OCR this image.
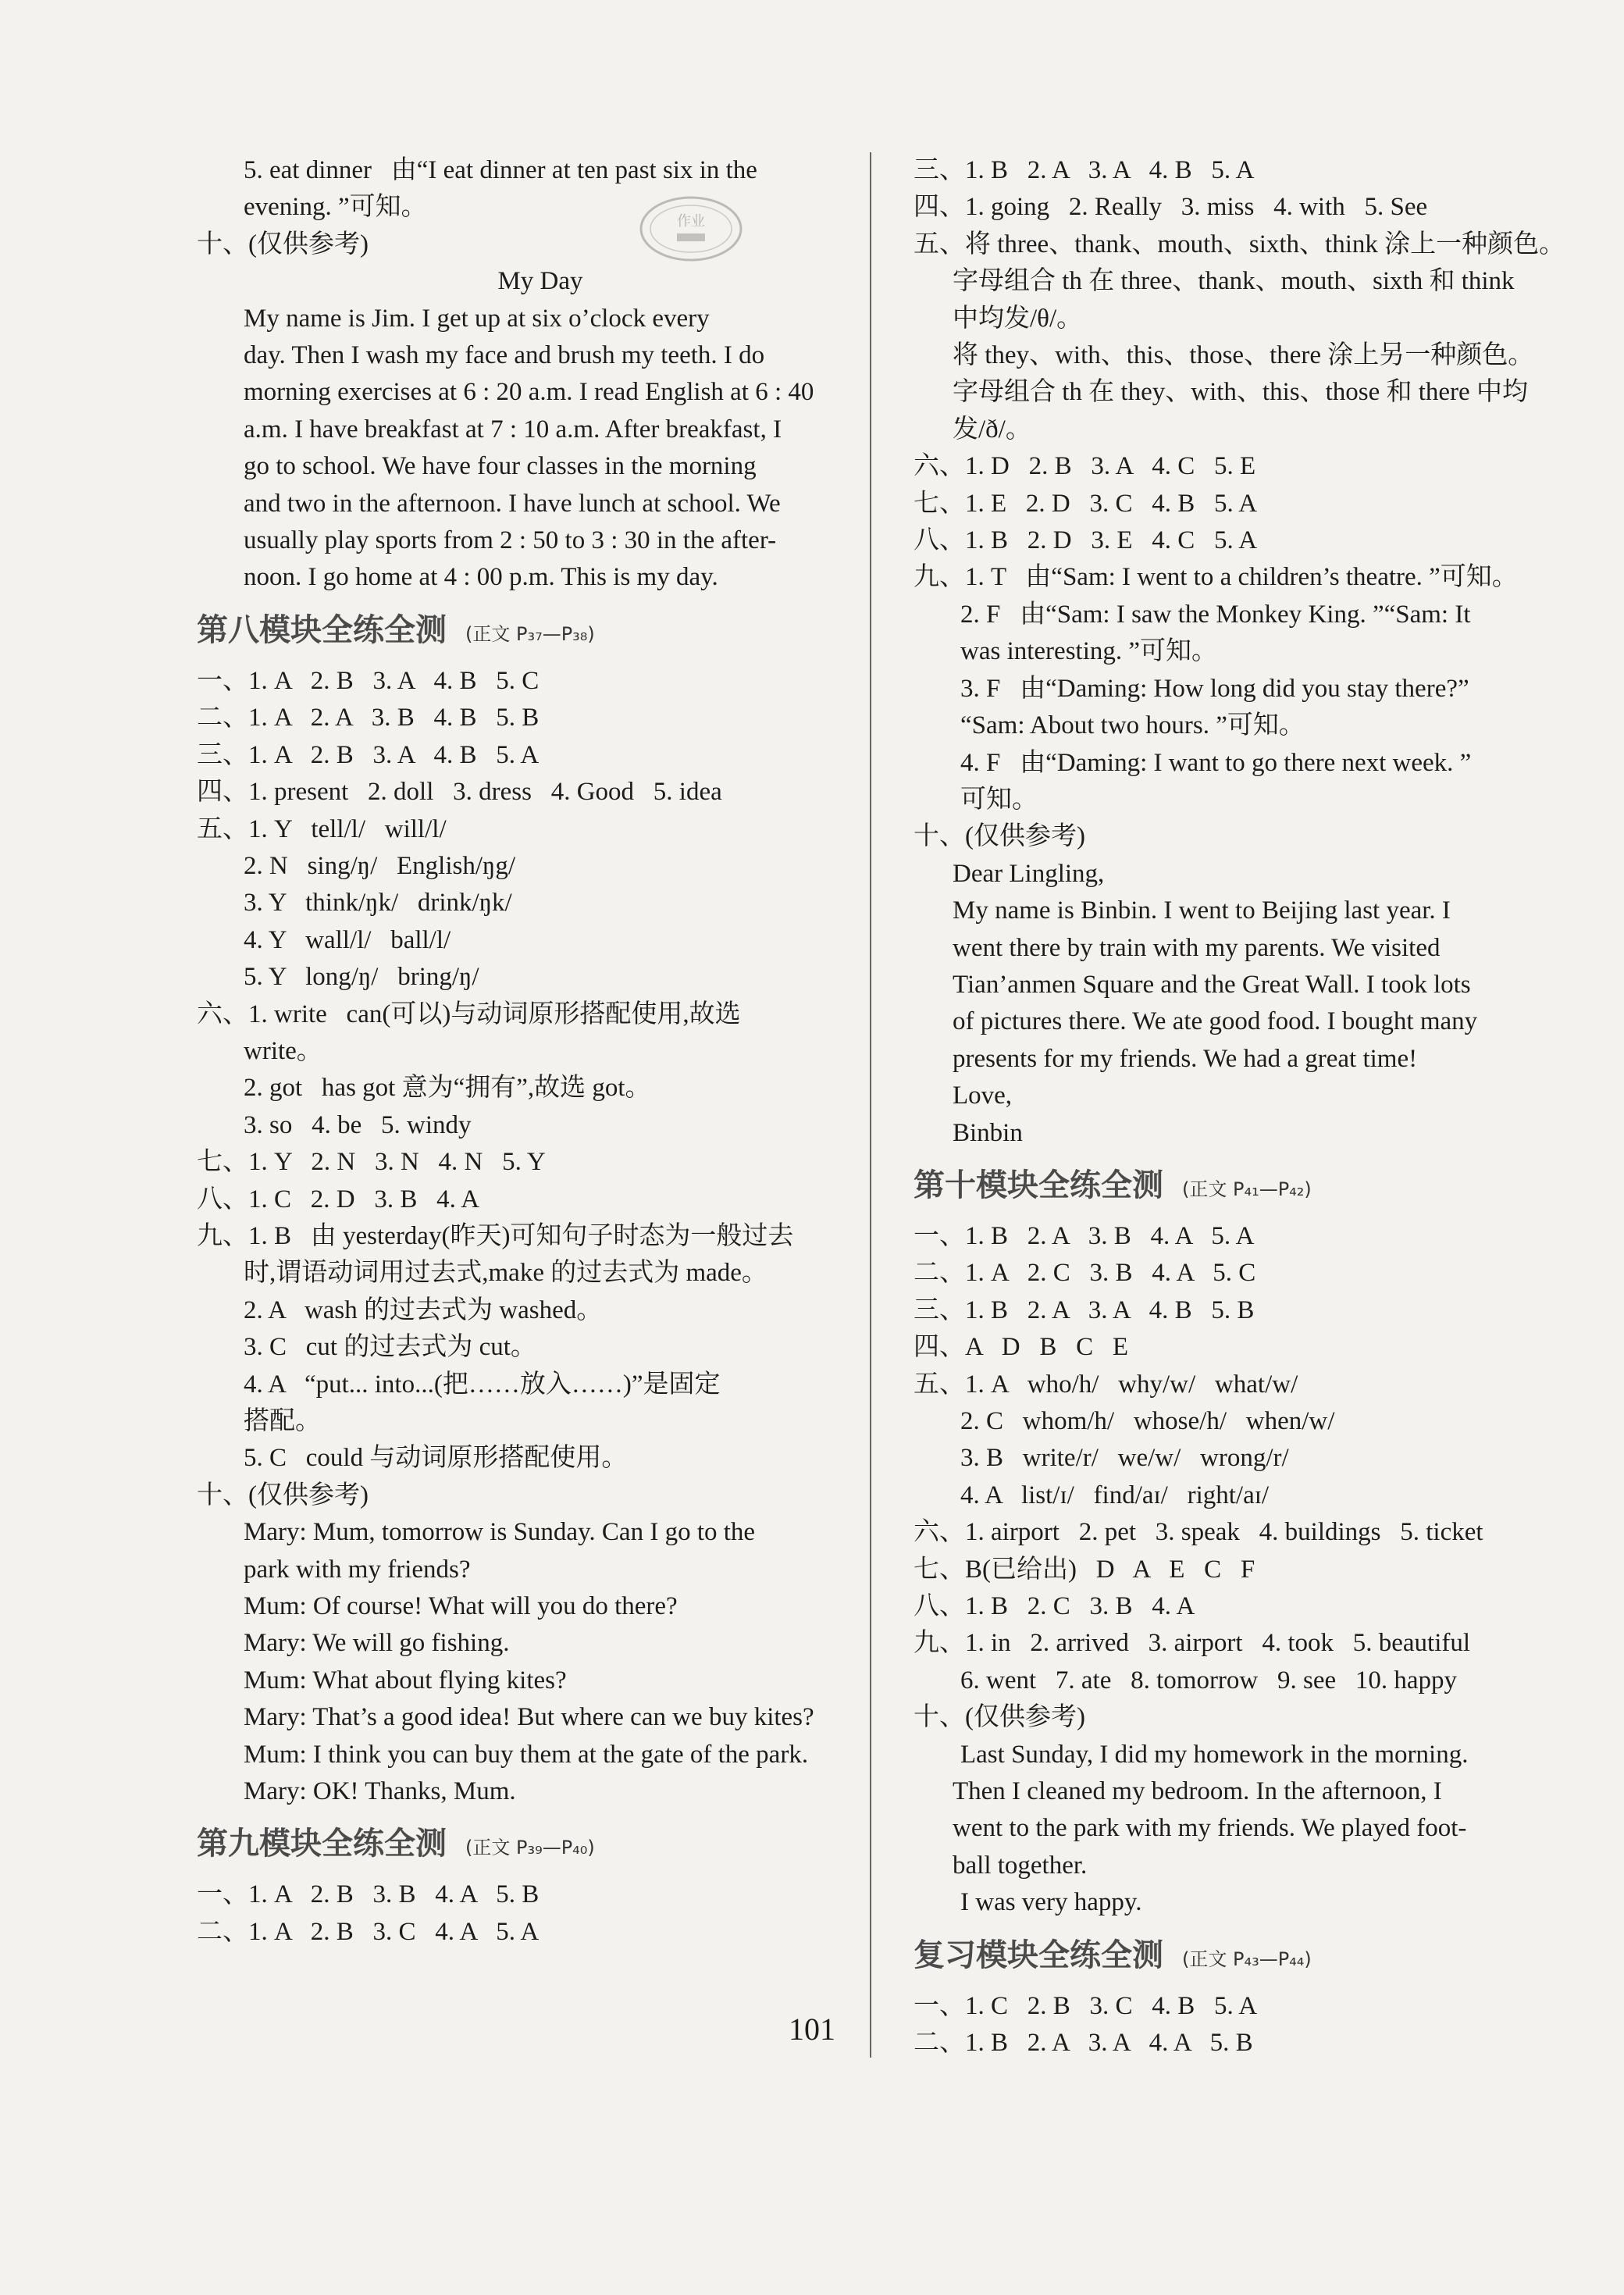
5. eat dinner   由“I eat dinner at ten past six in the

evening. ”可知。

十、(仅供参考)

My Day

My name is Jim. I get up at six o’clock every

day. Then I wash my face and brush my teeth. I do

morning exercises at 6 : 20 a.m. I read English at 6 : 40

a.m. I have breakfast at 7 : 10 a.m. After breakfast, I

go to school. We have four classes in the morning

and two in the afternoon. I have lunch at school. We

usually play sports from 2 : 50 to 3 : 30 in the after-

noon. I go home at 4 : 00 p.m. This is my day.

第八模块全练全测 (正文 P₃₇—P₃₈)

一、1. A   2. B   3. A   4. B   5. C

二、1. A   2. A   3. B   4. B   5. B

三、1. A   2. B   3. A   4. B   5. A

四、1. present   2. doll   3. dress   4. Good   5. idea

五、1. Y   tell/l/   will/l/

2. N   sing/ŋ/   English/ŋg/

3. Y   think/ŋk/   drink/ŋk/

4. Y   wall/l/   ball/l/

5. Y   long/ŋ/   bring/ŋ/

六、1. write   can(可以)与动词原形搭配使用,故选

write。

2. got   has got 意为“拥有”,故选 got。

3. so   4. be   5. windy

七、1. Y   2. N   3. N   4. N   5. Y

八、1. C   2. D   3. B   4. A

九、1. B   由 yesterday(昨天)可知句子时态为一般过去

时,谓语动词用过去式,make 的过去式为 made。

2. A   wash 的过去式为 washed。

3. C   cut 的过去式为 cut。

4. A   “put... into...(把……放入……)”是固定

搭配。

5. C   could 与动词原形搭配使用。

十、(仅供参考)

Mary: Mum, tomorrow is Sunday. Can I go to the

park with my friends?

Mum: Of course! What will you do there?

Mary: We will go fishing.

Mum: What about flying kites?

Mary: That’s a good idea! But where can we buy kites?

Mum: I think you can buy them at the gate of the park.

Mary: OK! Thanks, Mum.

第九模块全练全测 (正文 P₃₉—P₄₀)

一、1. A   2. B   3. B   4. A   5. B

二、1. A   2. B   3. C   4. A   5. A

三、1. B   2. A   3. A   4. B   5. A

四、1. going   2. Really   3. miss   4. with   5. See

五、将 three、thank、mouth、sixth、think 涂上一种颜色。

字母组合 th 在 three、thank、mouth、sixth 和 think

中均发/θ/。

将 they、with、this、those、there 涂上另一种颜色。

字母组合 th 在 they、with、this、those 和 there 中均

发/ð/。

六、1. D   2. B   3. A   4. C   5. E

七、1. E   2. D   3. C   4. B   5. A

八、1. B   2. D   3. E   4. C   5. A

九、1. T   由“Sam: I went to a children’s theatre. ”可知。

2. F   由“Sam: I saw the Monkey King. ”“Sam: It

was interesting. ”可知。

3. F   由“Daming: How long did you stay there?”

“Sam: About two hours. ”可知。

4. F   由“Daming: I want to go there next week. ”

可知。

十、(仅供参考)

Dear Lingling,

My name is Binbin. I went to Beijing last year. I

went there by train with my parents. We visited

Tian’anmen Square and the Great Wall. I took lots

of pictures there. We ate good food. I bought many

presents for my friends. We had a great time!

Love,

Binbin

第十模块全练全测 (正文 P₄₁—P₄₂)

一、1. B   2. A   3. B   4. A   5. A

二、1. A   2. C   3. B   4. A   5. C

三、1. B   2. A   3. A   4. B   5. B

四、A   D   B   C   E

五、1. A   who/h/   why/w/   what/w/

2. C   whom/h/   whose/h/   when/w/

3. B   write/r/   we/w/   wrong/r/

4. A   list/ɪ/   find/aɪ/   right/aɪ/

六、1. airport   2. pet   3. speak   4. buildings   5. ticket

七、B(已给出)   D   A   E   C   F

八、1. B   2. C   3. B   4. A

九、1. in   2. arrived   3. airport   4. took   5. beautiful

6. went   7. ate   8. tomorrow   9. see   10. happy

十、(仅供参考)

Last Sunday, I did my homework in the morning.

Then I cleaned my bedroom. In the afternoon, I

went to the park with my friends. We played foot-

ball together.

I was very happy.

复习模块全练全测 (正文 P₄₃—P₄₄)

一、1. C   2. B   3. C   4. B   5. A

二、1. B   2. A   3. A   4. A   5. B

作业
101
